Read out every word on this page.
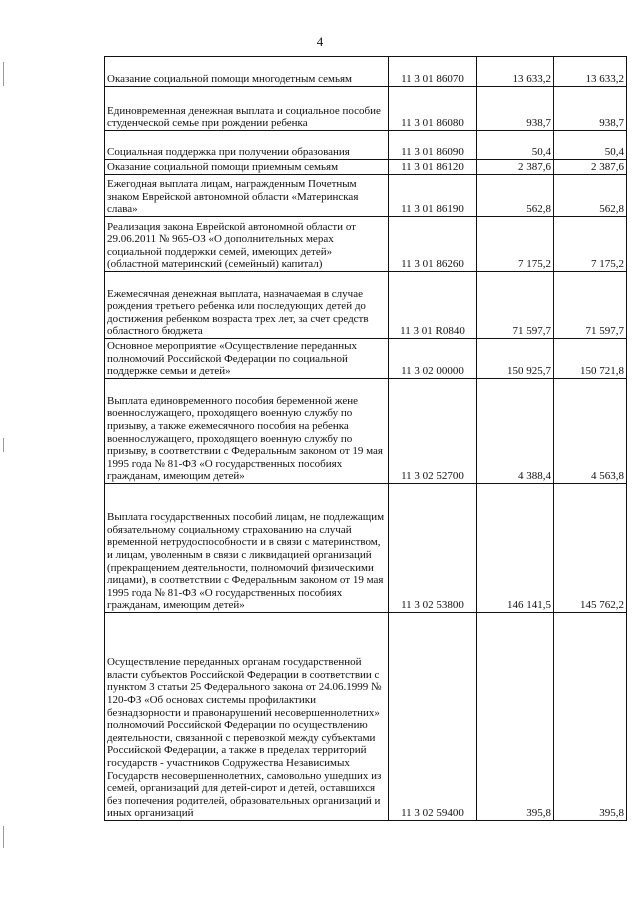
4
Оказание социальной помощи многодетным семьям	11 3 01 86070	13 633,2	13 633,2
Единовременная денежная выплата и социальное пособие студенческой семье при рождении ребенка	11 3 01 86080	938,7	938,7
Социальная поддержка при получении образования	11 3 01 86090	50,4	50,4
Оказание социальной помощи приемным семьям	11 3 01 86120	2 387,6	2 387,6
Ежегодная выплата лицам, награжденным Почетным знаком Еврейской автономной области «Материнская слава»	11 3 01 86190	562,8	562,8
Реализация закона Еврейской автономной области от 29.06.2011 № 965-ОЗ «О дополнительных мерах социальной поддержки семей, имеющих детей» (областной материнский (семейный) капитал)	11 3 01 86260	7 175,2	7 175,2
Ежемесячная денежная выплата, назначаемая в случае рождения третьего ребенка или последующих детей до достижения ребенком возраста трех лет, за счет средств областного бюджета	11 3 01 R0840	71 597,7	71 597,7
Основное мероприятие «Осуществление переданных полномочий Российской Федерации по социальной поддержке семьи и детей»	11 3 02 00000	150 925,7	150 721,8
Выплата единовременного пособия беременной жене военнослужащего, проходящего военную службу по призыву, а также ежемесячного пособия на ребенка военнослужащего, проходящего военную службу по призыву, в соответствии с Федеральным законом от 19 мая 1995 года № 81-ФЗ «О государственных пособиях гражданам, имеющим детей»	11 3 02 52700	4 388,4	4 563,8
Выплата государственных пособий лицам, не подлежащим обязательному социальному страхованию на случай временной нетрудоспособности и в связи с материнством, и лицам, уволенным в связи с ликвидацией организаций (прекращением деятельности, полномочий физическими лицами), в соответствии с Федеральным законом от 19 мая 1995 года № 81-ФЗ «О государственных пособиях гражданам, имеющим детей»	11 3 02 53800	146 141,5	145 762,2
Осуществление переданных органам государственной власти субъектов Российской Федерации в соответствии с пунктом 3 статьи 25 Федерального закона от 24.06.1999 № 120-ФЗ «Об основах системы профилактики безнадзорности и правонарушений несовершеннолетних» полномочий Российской Федерации по осуществлению деятельности, связанной с перевозкой между субъектами Российской Федерации, а также в пределах территорий государств - участников Содружества Независимых Государств несовершеннолетних, самовольно ушедших из семей, организаций для детей-сирот и детей, оставшихся без попечения родителей, образовательных организаций и иных организаций	11 3 02 59400	395,8	395,8
